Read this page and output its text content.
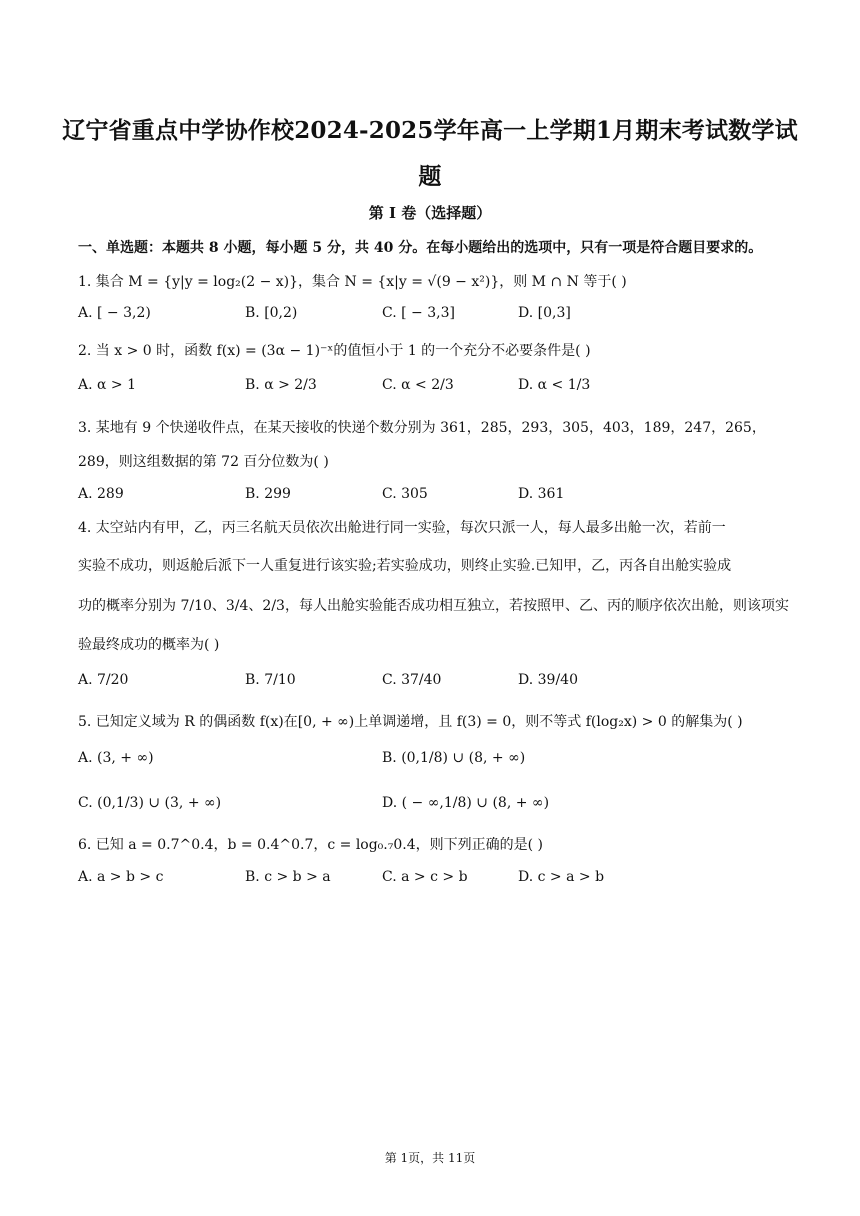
辽宁省重点中学协作校2024-2025学年高一上学期1月期末考试数学试
题
第 I 卷（选择题）
一、单选题：本题共 8 小题，每小题 5 分，共 40 分。在每小题给出的选项中，只有一项是符合题目要求的。
1. 集合 M = {y|y = log₂(2 − x)}，集合 N = {x|y = √(9 − x²)}，则 M ∩ N 等于( )
A. [ − 3,2)	B. [0,2)	C. [ − 3,3]	D. [0,3]
2. 当 x > 0 时，函数 f(x) = (3α − 1)⁻ˣ的值恒小于 1 的一个充分不必要条件是( )
A. α > 1	B. α > 2/3	C. α < 2/3	D. α < 1/3
3. 某地有 9 个快递收件点，在某天接收的快递个数分别为 361，285，293，305，403，189，247，265，
289，则这组数据的第 72 百分位数为( )
A. 289	B. 299	C. 305	D. 361
4. 太空站内有甲，乙，丙三名航天员依次出舱进行同一实验，每次只派一人，每人最多出舱一次，若前一
实验不成功，则返舱后派下一人重复进行该实验;若实验成功，则终止实验.已知甲，乙，丙各自出舱实验成
功的概率分别为 7/10、3/4、2/3，每人出舱实验能否成功相互独立，若按照甲、乙、丙的顺序依次出舱，则该项实
验最终成功的概率为( )
A. 7/20	B. 7/10	C. 37/40	D. 39/40
5. 已知定义域为 R 的偶函数 f(x)在[0, + ∞)上单调递增，且 f(3) = 0，则不等式 f(log₂x) > 0 的解集为( )
A. (3, + ∞)	B. (0,1/8) ∪ (8, + ∞)
C. (0,1/3) ∪ (3, + ∞)	D. ( − ∞,1/8) ∪ (8, + ∞)
6. 已知 a = 0.7^0.4，b = 0.4^0.7，c = log₀.₇0.4，则下列正确的是( )
A. a > b > c	B. c > b > a	C. a > c > b	D. c > a > b
第 1页，共 11页
